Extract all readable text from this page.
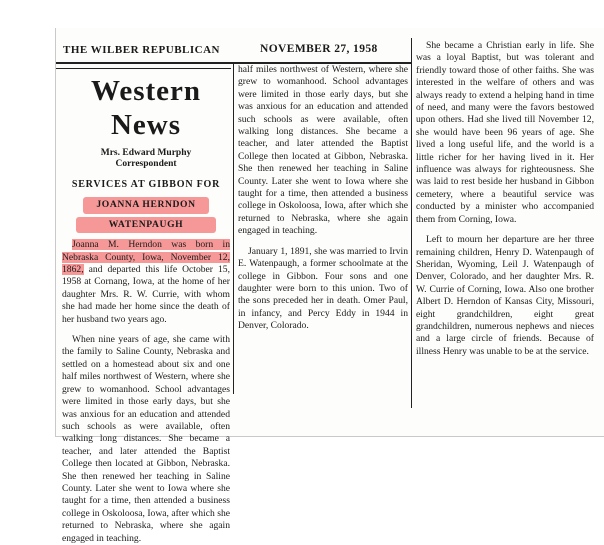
THE WILBER REPUBLICAN	NOVEMBER 27, 1958
Western News
Mrs. Edward Murphy
Correspondent
SERVICES AT GIBBON FOR
JOANNA HERNDON
WATENPAUGH

Joanna M. Herndon was born in Nebraska County, Iowa, November 12, 1862, and departed this life October 15, 1958 at Cornang, Iowa, at the home of her daughter Mrs. R. W. Currie, with whom she had made her home since the death of her husband two years ago.

When nine years of age, she came with the family to Saline County, Nebraska and settled on a homestead about six and one half miles northwest of Western, where she grew to womanhood. School advantages were limited in those early days, but she was anxious for an education and attended such schools as were available, often walking long distances. She became a teacher, and later attended the Baptist College then located at Gibbon, Nebraska. She then renewed her teaching in Saline County. Later she went to Iowa where she taught for a time, then attended a business college in Oskoloosa, Iowa, after which she returned to Nebraska, where she again engaged in teaching.

half miles northwest of Western, where she grew to womanhood. School advantages were limited in those early days, but she was anxious for an education and attended such schools as were available, often walking long distances. She became a teacher, and later attended the Baptist College then located at Gibbon, Nebraska. She then renewed her teaching in Saline County. Later she went to Iowa where she taught for a time, then attended a business college in Oskoloosa, Iowa, after which she returned to Nebraska, where she again engaged in teaching.

January 1, 1891, she was married to Irvin E. Watenpaugh, a former schoolmate at the college in Gibbon. Four sons and one daughter were born to this union. Two of the sons preceded her in death. Omer Paul, in infancy, and Percy Eddy in 1944 in Denver, Colorado.

She became a Christian early in life. She was a loyal Baptist, but was tolerant and friendly toward those of other faiths. She was interested in the welfare of others and was always ready to extend a helping hand in time of need, and many were the favors bestowed upon others. Had she lived till November 12, she would have been 96 years of age. She lived a long useful life, and the world is a little richer for her having lived in it. Her influence was always for righteousness. She was laid to rest beside her husband in Gibbon cemetery, where a beautiful service was conducted by a minister who accompanied them from Corning, Iowa.

Left to mourn her departure are her three remaining children, Henry D. Watenpaugh of Sheridan, Wyoming, Leil J. Watenpaugh of Denver, Colorado, and her daughter Mrs. R. W. Currie of Corning, Iowa. Also one brother Albert D. Herndon of Kansas City, Missouri, eight grandchildren, eight great grandchildren, numerous nephews and nieces and a large circle of friends. Because of illness Henry was unable to be at the service.
